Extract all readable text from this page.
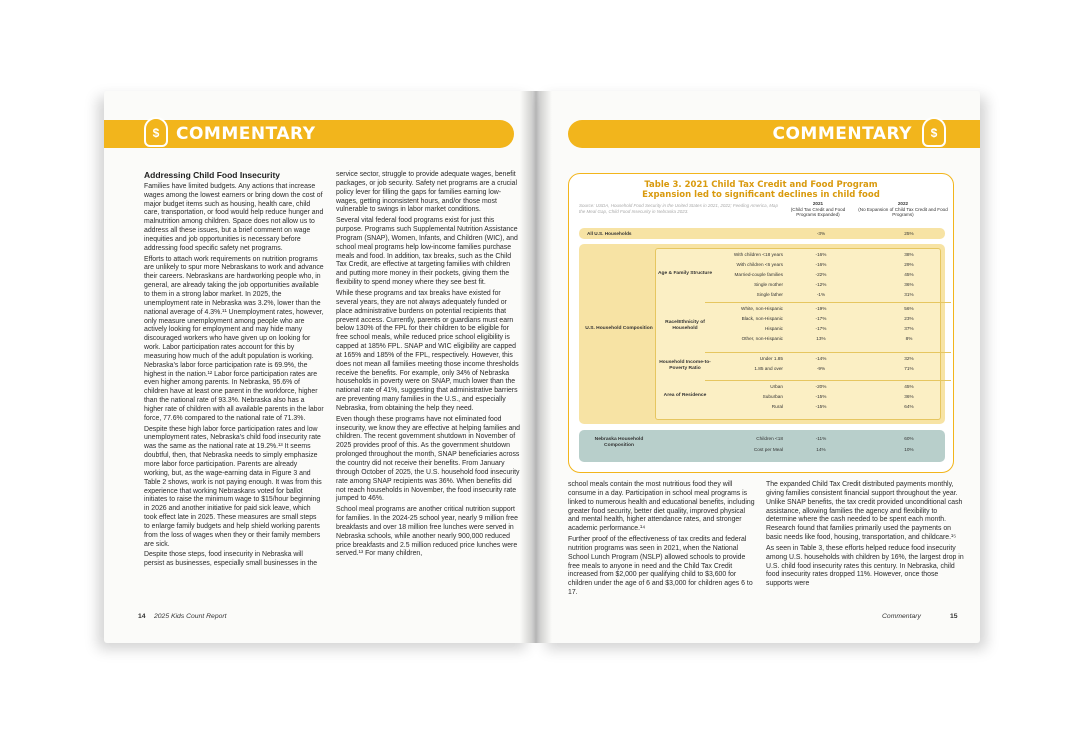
COMMENTARY
$
Addressing Child Food Insecurity

Families have limited budgets. Any actions that increase wages among the lowest earners or bring down the cost of major budget items such as housing, health care, child care, transportation, or food would help reduce hunger and malnutrition among children. Space does not allow us to address all these issues, but a brief comment on wage inequities and job opportunities is necessary before addressing food specific safety net programs.

Efforts to attach work requirements on nutrition programs are unlikely to spur more Nebraskans to work and advance their careers. Nebraskans are hardworking people who, in general, are already taking the job opportunities available to them in a strong labor market. In 2025, the unemployment rate in Nebraska was 3.2%, lower than the national average of 4.3%.¹¹ Unemployment rates, however, only measure unemployment among people who are actively looking for employment and may hide many discouraged workers who have given up on looking for work. Labor participation rates account for this by measuring how much of the adult population is working. Nebraska’s labor force participation rate is 69.9%, the highest in the nation.¹² Labor force participation rates are even higher among parents. In Nebraska, 95.6% of children have at least one parent in the workforce, higher than the national rate of 93.3%. Nebraska also has a higher rate of children with all available parents in the labor force, 77.6% compared to the national rate of 71.3%.

Despite these high labor force participation rates and low unemployment rates, Nebraska’s child food insecurity rate was the same as the national rate at 19.2%.¹³ It seems doubtful, then, that Nebraska needs to simply emphasize more labor force participation. Parents are already working, but, as the wage-earning data in Figure 3 and Table 2 shows, work is not paying enough. It was from this experience that working Nebraskans voted for ballot initiates to raise the minimum wage to $15/hour beginning in 2026 and another initiative for paid sick leave, which took effect late in 2025. These measures are small steps to enlarge family budgets and help shield working parents from the loss of wages when they or their family members are sick.

Despite those steps, food insecurity in Nebraska will persist as businesses, especially small businesses in the

service sector, struggle to provide adequate wages, benefit packages, or job security. Safety net programs are a crucial policy lever for filling the gaps for families earning low-wages, getting inconsistent hours, and/or those most vulnerable to swings in labor market conditions.

Several vital federal food programs exist for just this purpose. Programs such Supplemental Nutrition Assistance Program (SNAP), Women, Infants, and Children (WIC), and school meal programs help low-income families purchase meals and food. In addition, tax breaks, such as the Child Tax Credit, are effective at targeting families with children and putting more money in their pockets, giving them the flexibility to spend money where they see best fit.

While these programs and tax breaks have existed for several years, they are not always adequately funded or place administrative burdens on potential recipients that prevent access. Currently, parents or guardians must earn below 130% of the FPL for their children to be eligible for free school meals, while reduced price school eligibility is capped at 185% FPL. SNAP and WIC eligibility are capped at 165% and 185% of the FPL, respectively. However, this does not mean all families meeting those income thresholds receive the benefits. For example, only 34% of Nebraska households in poverty were on SNAP, much lower than the national rate of 41%, suggesting that administrative barriers are preventing many families in the U.S., and especially Nebraska, from obtaining the help they need.

Even though these programs have not eliminated food insecurity, we know they are effective at helping families and children. The recent government shutdown in November of 2025 provides proof of this. As the government shutdown prolonged throughout the month, SNAP beneficiaries across the country did not receive their benefits. From January through October of 2025, the U.S. household food insecurity rate among SNAP recipients was 36%. When benefits did not reach households in November, the food insecurity rate jumped to 46%.

School meal programs are another critical nutrition support for families. In the 2024-25 school year, nearly 9 million free breakfasts and over 18 million free lunches were served in Nebraska schools, while another nearly 900,000 reduced price breakfasts and 2.5 million reduced price lunches were served.¹³ For many children,

14 2025 Kids Count Report
COMMENTARY	$
Table 3. 2021 Child Tax Credit and Food Program
Expansion led to significant declines in child food
Source: USDA, Household Food Security in the United States in 2021, 2022; Feeding America, Map the Meal Gap, Child Food Insecurity in Nebraska 2023.
2021
(Child Tax Credit and Food Programs Expanded)
2022
(No Expansion of Child Tax Credit and Food Programs)
All U.S. Households	-3%	25%
U.S. Household Composition
Age & Family Structure
With children <18 years	-16%	38%
With children <6 years	-16%	29%
Married-couple families	-22%	45%
Single mother	-12%	36%
Single father	-1%	31%
Race/Ethnicity of Household
White, non-Hispanic	-19%	56%
Black, non-Hispanic	-17%	23%
Hispanic	-17%	37%
Other, non-Hispanic	13%	8%
Household Income-to-Poverty Ratio
Under 1.85	-14%	32%
1.85 and over	-9%	71%
Area of Residence
Urban	-20%	45%
Suburban	-15%	36%
Rural	-15%	64%
Nebraska Household Composition
Children <18	-11%	60%
Cost per Meal	14%	10%

school meals contain the most nutritious food they will consume in a day. Participation in school meal programs is linked to numerous health and educational benefits, including greater food security, better diet quality, improved physical and mental health, higher attendance rates, and stronger academic performance.¹⁴

Further proof of the effectiveness of tax credits and federal nutrition programs was seen in 2021, when the National School Lunch Program (NSLP) allowed schools to provide free meals to anyone in need and the Child Tax Credit increased from $2,000 per qualifying child to $3,600 for children under the age of 6 and $3,000 for children ages 6 to 17.

The expanded Child Tax Credit distributed payments monthly, giving families consistent financial support throughout the year. Unlike SNAP benefits, the tax credit provided unconditional cash assistance, allowing families the agency and flexibility to determine where the cash needed to be spent each month. Research found that families primarily used the payments on basic needs like food, housing, transportation, and childcare.¹⁵

As seen in Table 3, these efforts helped reduce food insecurity among U.S. households with children by 16%, the largest drop in U.S. child food insecurity rates this century. In Nebraska, child food insecurity rates dropped 11%. However, once those supports were

Commentary	15
